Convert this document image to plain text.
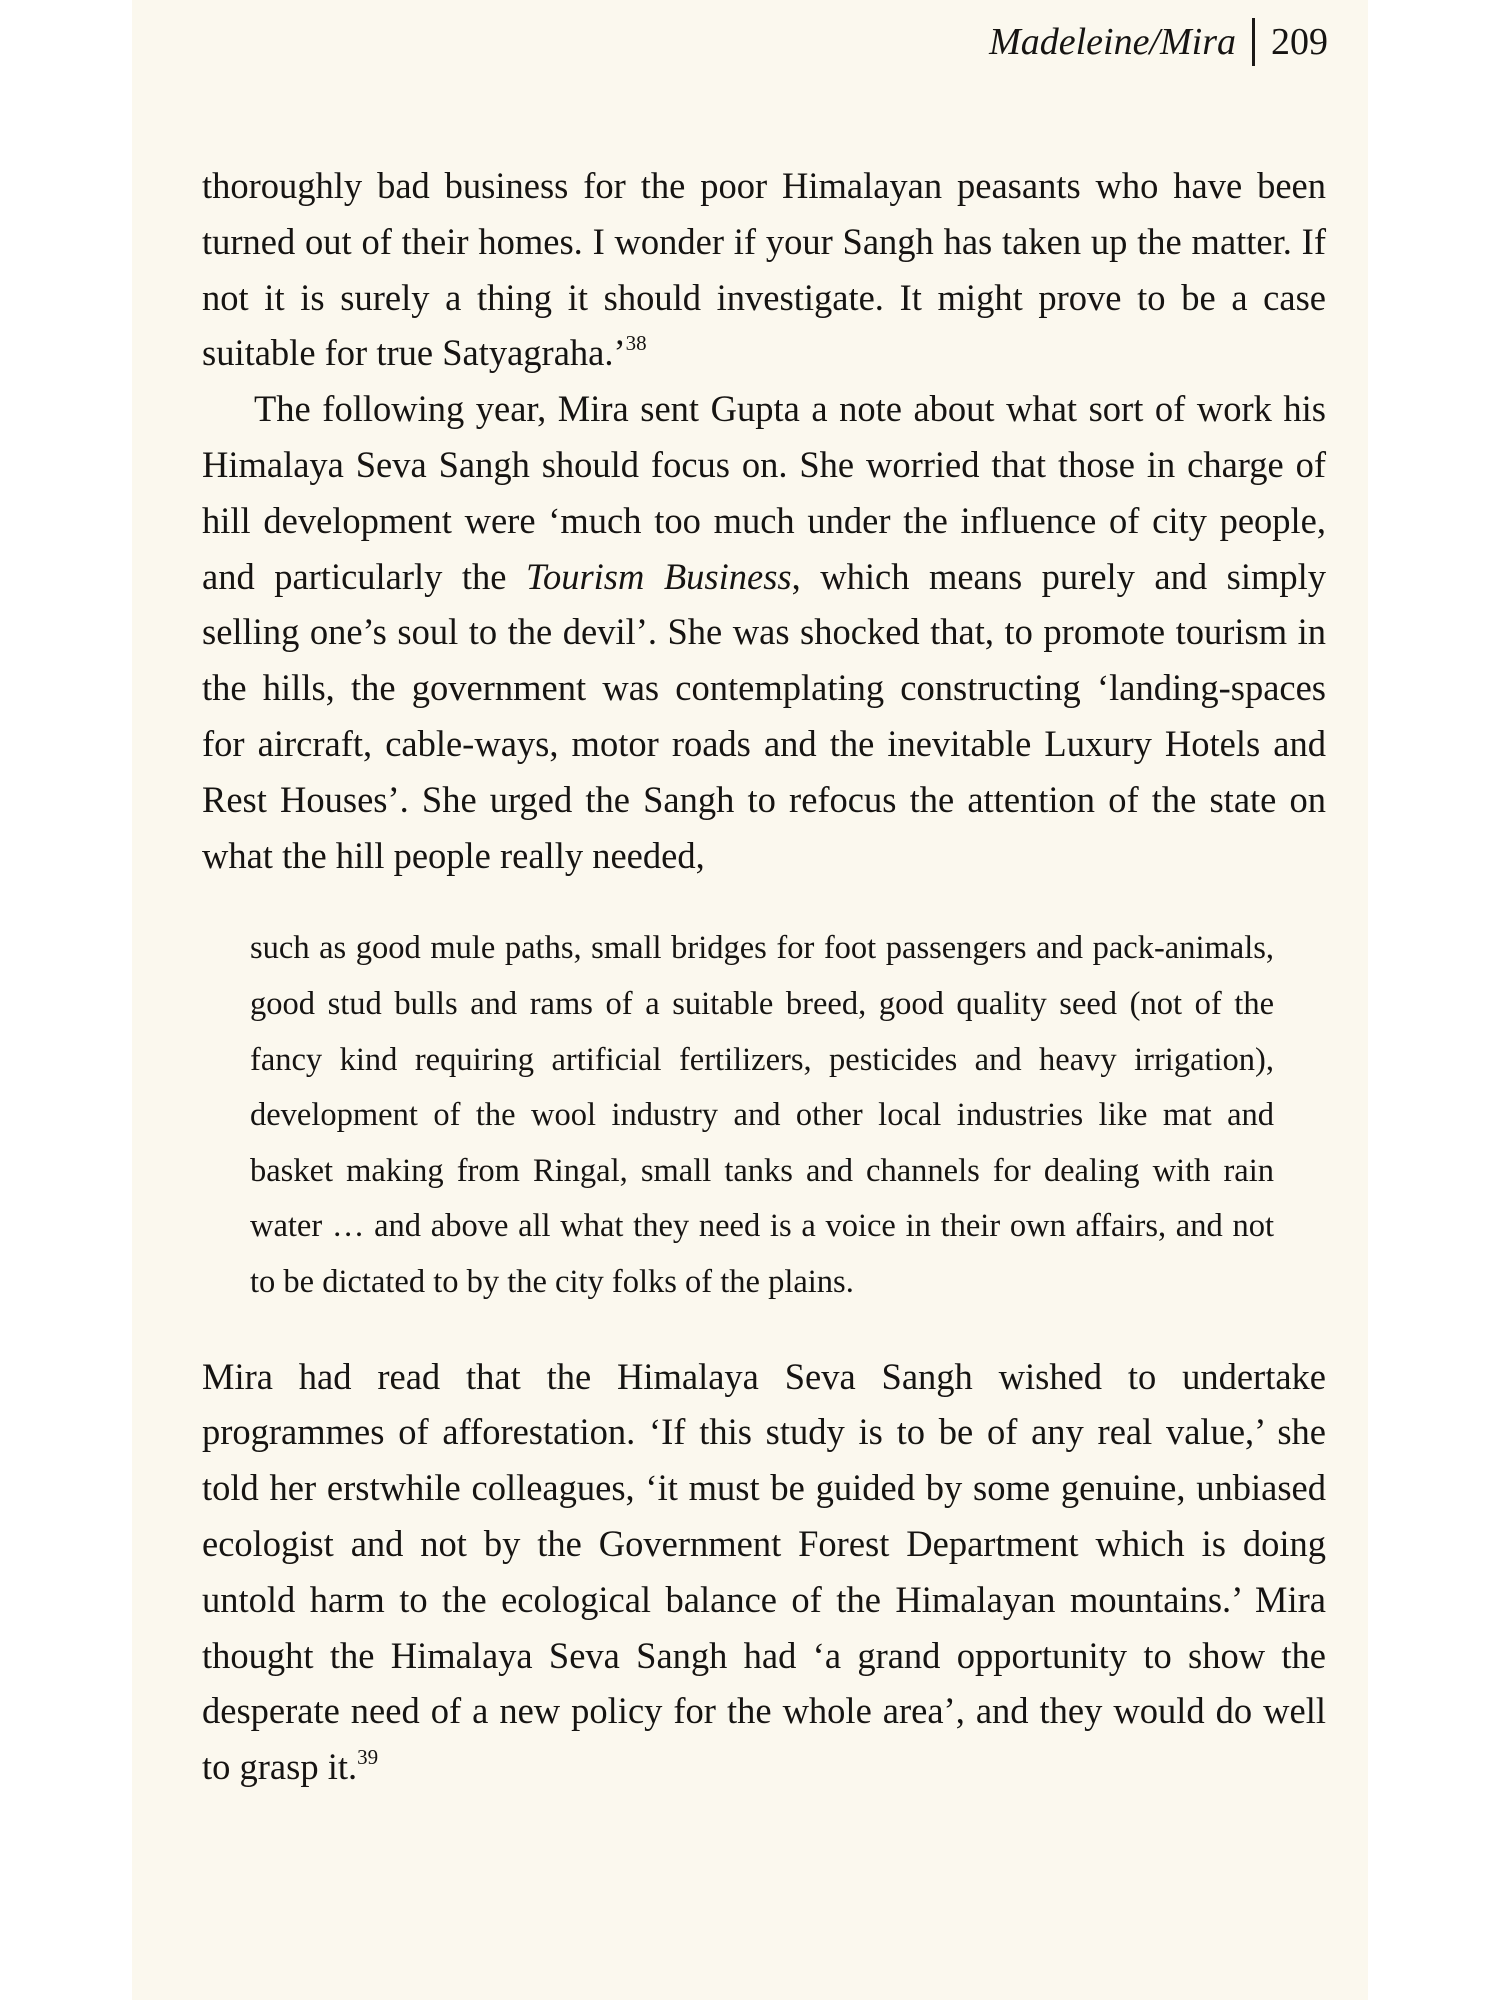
Madeleine/Mira 209

thoroughly bad business for the poor Himalayan peasants who have been turned out of their homes. I wonder if your Sangh has taken up the matter. If not it is surely a thing it should investigate. It might prove to be a case suitable for true Satyagraha.’$^{38}$

The following year, Mira sent Gupta a note about what sort of work his Himalaya Seva Sangh should focus on. She worried that those in charge of hill development were ‘much too much under the influence of city people, and particularly the Tourism Business, which means purely and simply selling one’s soul to the devil’. She was shocked that, to promote tourism in the hills, the government was contemplating constructing ‘landing-spaces for aircraft, cable-ways, motor roads and the inevitable Luxury Hotels and Rest Houses’. She urged the Sangh to refocus the attention of the state on what the hill people really needed,

such as good mule paths, small bridges for foot passengers and pack-animals, good stud bulls and rams of a suitable breed, good quality seed (not of the fancy kind requiring artificial fertilizers, pesticides and heavy irrigation), development of the wool industry and other local industries like mat and basket making from Ringal, small tanks and channels for dealing with rain water … and above all what they need is a voice in their own affairs, and not to be dictated to by the city folks of the plains.

Mira had read that the Himalaya Seva Sangh wished to undertake programmes of afforestation. ‘If this study is to be of any real value,’ she told her erstwhile colleagues, ‘it must be guided by some genuine, unbiased ecologist and not by the Government Forest Department which is doing untold harm to the ecological balance of the Himalayan mountains.’ Mira thought the Himalaya Seva Sangh had ‘a grand opportunity to show the desperate need of a new policy for the whole area’, and they would do well to grasp it.$^{39}$
